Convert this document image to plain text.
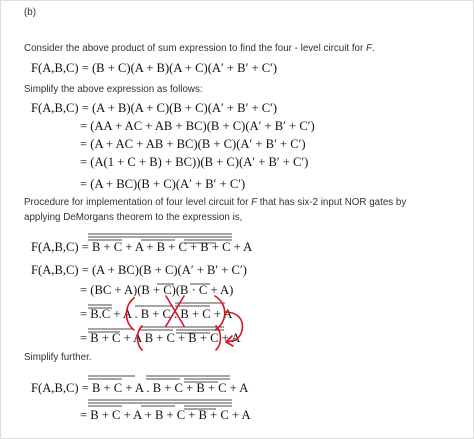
(b)
Consider the above product of sum expression to find the four - level circuit for F.
F(A,B,C) = (B + C)(A + B)(A + C)(A′ + B′ + C′)
Simplify the above expression as follows:
F(A,B,C) = (A + B)(A + C)(B + C)(A′ + B′ + C′)
= (AA + AC + AB + BC)(B + C)(A′ + B′ + C′)
= (A + AC + AB + BC)(B + C)(A′ + B′ + C′)
= (A(1 + C + B) + BC))(B + C)(A′ + B′ + C′)
= (A + BC)(B + C)(A′ + B′ + C′)
Procedure for implementation of four level circuit for F that has six-2 input NOR gates by
applying DeMorgans theorem to the expression is,
F(A,B,C) = B + C + A + B + C + B + C + A
F(A,B,C) = (A + BC)(B + C)(A′ + B′ + C′)
= (BC + A)(B + C)(B · C + A)
= B.C + A . B + C . B + C + A
= B + C + A B + C + B + C + A
Simplify further.
F(A,B,C) = B + C + A . B + C + B + C + A
= B + C + A + B + C + B + C + A
